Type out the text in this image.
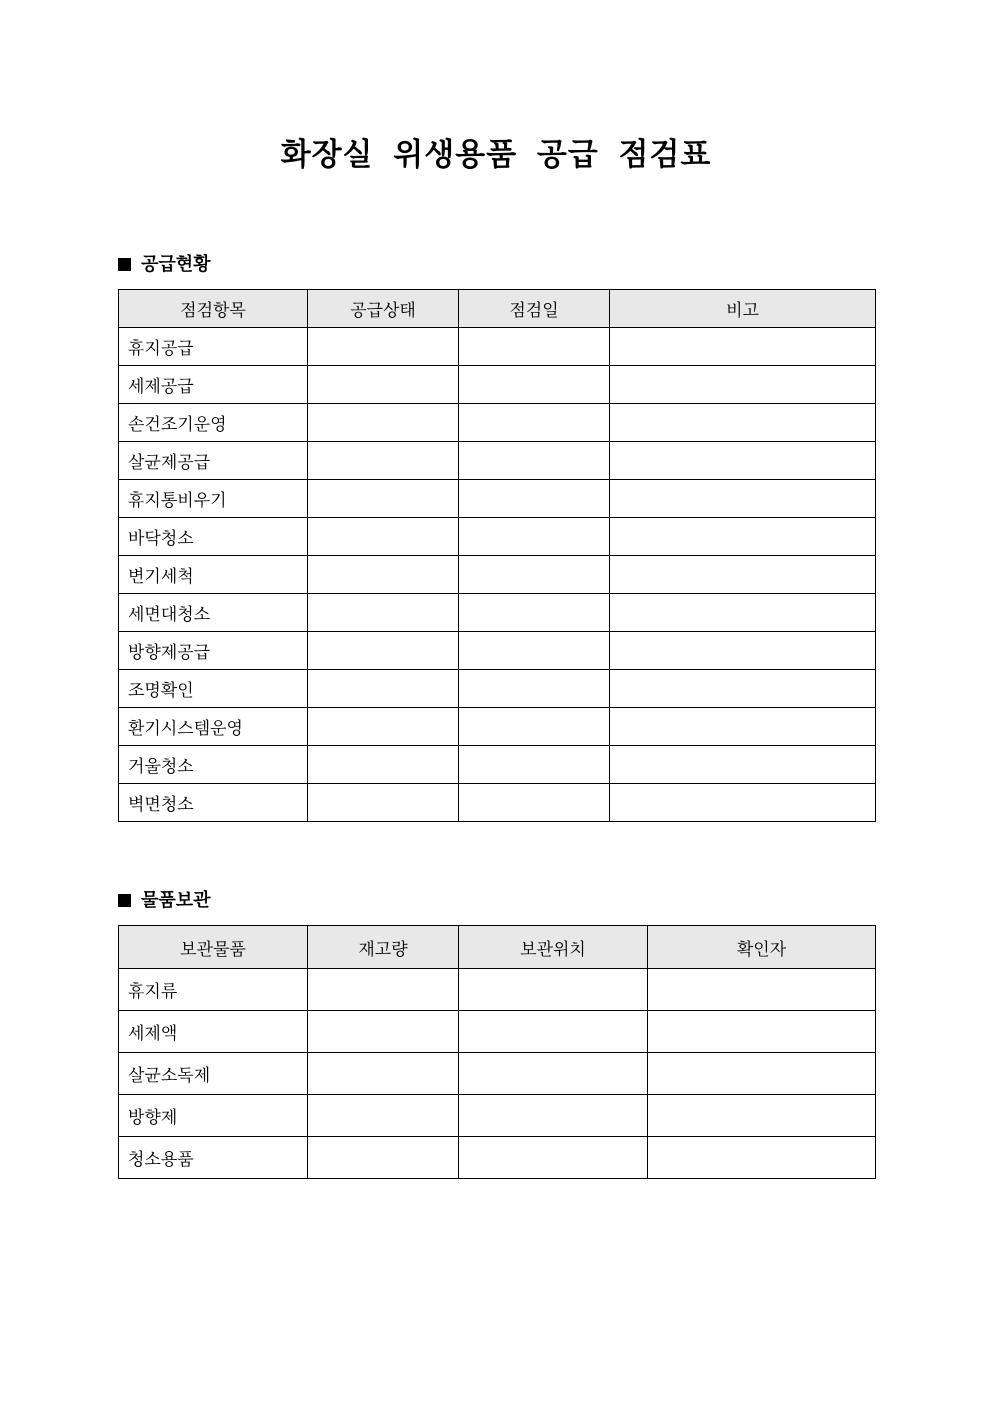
화장실 위생용품 공급 점검표
공급현황
점검항목	공급상태	점검일	비고
휴지공급			
세제공급			
손건조기운영			
살균제공급			
휴지통비우기			
바닥청소			
변기세척			
세면대청소			
방향제공급			
조명확인			
환기시스템운영			
거울청소			
벽면청소			
물품보관
보관물품	재고량	보관위치	확인자
휴지류			
세제액			
살균소독제			
방향제			
청소용품			
